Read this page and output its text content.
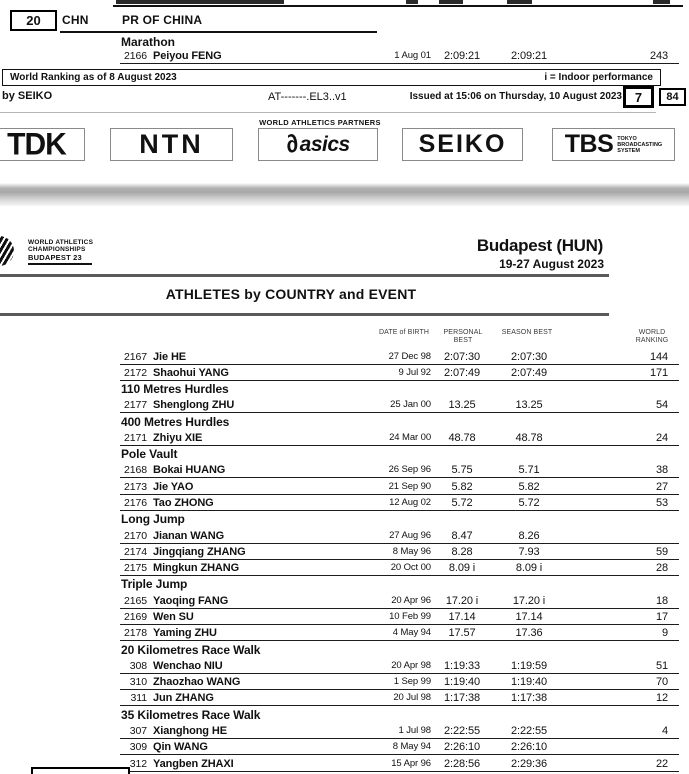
20 CHN	PR OF CHINA
Marathon
2166 Peiyou FENG	1 Aug 01	2:09:21	2:09:21	243
World Ranking as of 8 August 2023	i = Indoor performance
by SEIKO	AT-------.EL3..v1	Issued at 15:06 on Thursday, 10 August 2023 7 84
WORLD ATHLETICS PARTNERS
TDK	NTN	∂
asics	SEIKO TBS TOKYO
BROADCASTING
SYSTEM
WORLD ATHLETICS
CHAMPIONSHIPS
BUDAPEST 23
Budapest (HUN)
19-27 August 2023
ATHLETES by COUNTRY and EVENT
DATE of BIRTH	PERSONAL
BEST
SEASON BEST	WORLD
RANKING
2167 Jie HE	27 Dec 98	2:07:30	2:07:30	144
2172 Shaohui YANG	9 Jul 92	2:07:49	2:07:49	171
110 Metres Hurdles
2177 Shenglong ZHU	25 Jan 00	13.25	13.25	54
400 Metres Hurdles
2171 Zhiyu XIE	24 Mar 00	48.78	48.78	24
Pole Vault
2168 Bokai HUANG	26 Sep 96	5.75	5.71	38
2173 Jie YAO	21 Sep 90	5.82	5.82	27
2176 Tao ZHONG	12 Aug 02	5.72	5.72	53
Long Jump
2170 Jianan WANG	27 Aug 96	8.47	8.26
2174 Jingqiang ZHANG	8 May 96	8.28	7.93	59
2175 Mingkun ZHANG	20 Oct 00	8.09 i	8.09 i	28
Triple Jump
2165 Yaoqing FANG	20 Apr 96	17.20 i	17.20 i	18
2169 Wen SU	10 Feb 99	17.14	17.14	17
2178 Yaming ZHU	4 May 94	17.57	17.36	9
20 Kilometres Race Walk
308 Wenchao NIU	20 Apr 98	1:19:33	1:19:59	51
310 Zhaozhao WANG	1 Sep 99	1:19:40	1:19:40	70
311 Jun ZHANG	20 Jul 98	1:17:38	1:17:38	12
35 Kilometres Race Walk
307 Xianghong HE	1 Jul 98	2:22:55	2:22:55	4
309 Qin WANG	8 May 94	2:26:10	2:26:10
312 Yangben ZHAXI	15 Apr 96	2:28:56	2:29:36	22
